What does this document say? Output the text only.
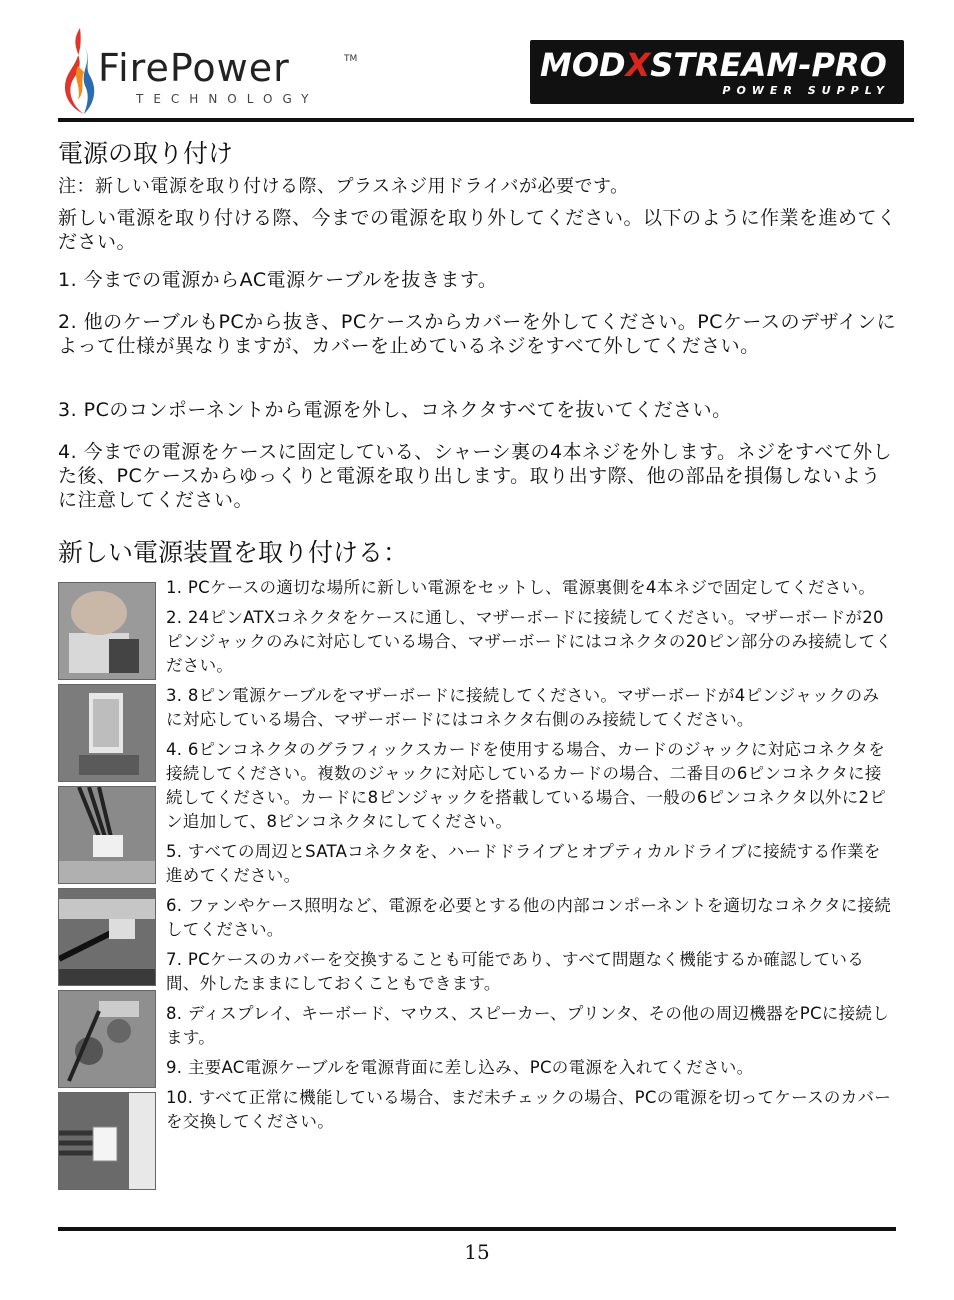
FirePower	TM
TECHNOLOGY
MODXSTREAM-PRO
POWER SUPPLY
電源の取り付け
注：新しい電源を取り付ける際、プラスネジ用ドライバが必要です。
新しい電源を取り付ける際、今までの電源を取り外してください。以下のように作業を進めてください。
1. 今までの電源からAC電源ケーブルを抜きます。
2. 他のケーブルもPCから抜き、PCケースからカバーを外してください。PCケースのデザインによって仕様が異なりますが、カバーを止めているネジをすべて外してください。
3. PCのコンポーネントから電源を外し、コネクタすべてを抜いてください。
4. 今までの電源をケースに固定している、シャーシ裏の4本ネジを外します。ネジをすべて外した後、PCケースからゆっくりと電源を取り出します。取り出す際、他の部品を損傷しないように注意してください。
新しい電源装置を取り付ける：
1. PCケースの適切な場所に新しい電源をセットし、電源裏側を4本ネジで固定してください。
2. 24ピンATXコネクタをケースに通し、マザーボードに接続してください。マザーボードが20ピンジャックのみに対応している場合、マザーボードにはコネクタの20ピン部分のみ接続してください。
3. 8ピン電源ケーブルをマザーボードに接続してください。マザーボードが4ピンジャックのみに対応している場合、マザーボードにはコネクタ右側のみ接続してください。
4. 6ピンコネクタのグラフィックスカードを使用する場合、カードのジャックに対応コネクタを接続してください。複数のジャックに対応しているカードの場合、二番目の6ピンコネクタに接続してください。カードに8ピンジャックを搭載している場合、一般の6ピンコネクタ以外に2ピン追加して、8ピンコネクタにしてください。
5. すべての周辺とSATAコネクタを、ハードドライブとオプティカルドライブに接続する作業を進めてください。
6. ファンやケース照明など、電源を必要とする他の内部コンポーネントを適切なコネクタに接続してください。
7. PCケースのカバーを交換することも可能であり、すべて問題なく機能するか確認している間、外したままにしておくこともできます。
8. ディスプレイ、キーボード、マウス、スピーカー、プリンタ、その他の周辺機器をPCに接続します。
9. 主要AC電源ケーブルを電源背面に差し込み、PCの電源を入れてください。
10. すべて正常に機能している場合、まだ未チェックの場合、PCの電源を切ってケースのカバーを交換してください。
15
